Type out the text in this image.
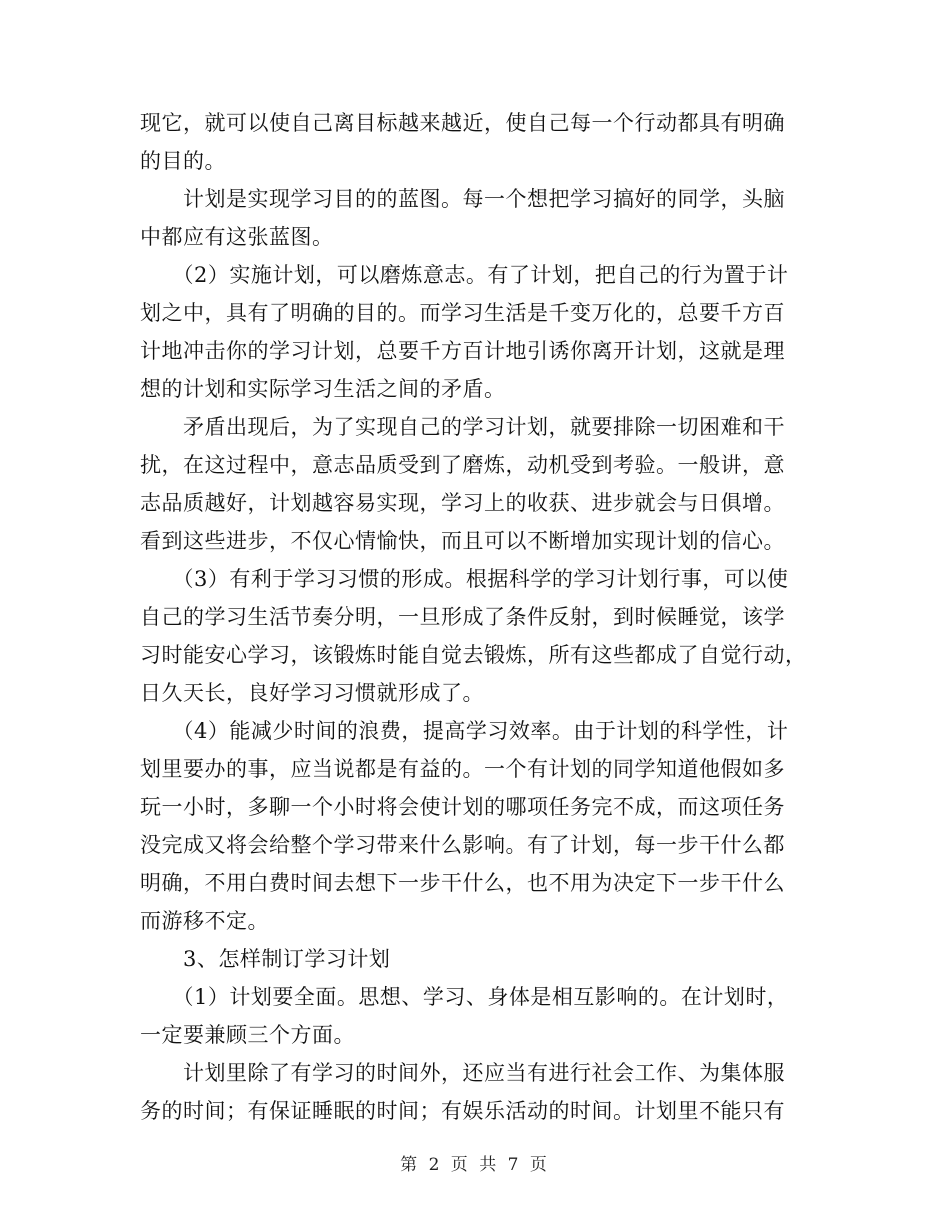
现它，就可以使自己离目标越来越近，使自己每一个行动都具有明确
的目的。
　　计划是实现学习目的的蓝图。每一个想把学习搞好的同学，头脑
中都应有这张蓝图。
　　（2）实施计划，可以磨炼意志。有了计划，把自己的行为置于计
划之中，具有了明确的目的。而学习生活是千变万化的，总要千方百
计地冲击你的学习计划，总要千方百计地引诱你离开计划，这就是理
想的计划和实际学习生活之间的矛盾。
　　矛盾出现后，为了实现自己的学习计划，就要排除一切困难和干
扰，在这过程中，意志品质受到了磨炼，动机受到考验。一般讲，意
志品质越好，计划越容易实现，学习上的收获、进步就会与日俱增。
看到这些进步，不仅心情愉快，而且可以不断增加实现计划的信心。
　　（3）有利于学习习惯的形成。根据科学的学习计划行事，可以使
自己的学习生活节奏分明，一旦形成了条件反射，到时候睡觉，该学
习时能安心学习，该锻炼时能自觉去锻炼，所有这些都成了自觉行动，
日久天长，良好学习习惯就形成了。
　　（4）能减少时间的浪费，提高学习效率。由于计划的科学性，计
划里要办的事，应当说都是有益的。一个有计划的同学知道他假如多
玩一小时，多聊一个小时将会使计划的哪项任务完不成，而这项任务
没完成又将会给整个学习带来什么影响。有了计划，每一步干什么都
明确，不用白费时间去想下一步干什么，也不用为决定下一步干什么
而游移不定。
　　3、怎样制订学习计划
　　（1）计划要全面。思想、学习、身体是相互影响的。在计划时，
一定要兼顾三个方面。
　　计划里除了有学习的时间外，还应当有进行社会工作、为集体服
务的时间；有保证睡眠的时间；有娱乐活动的时间。计划里不能只有
第 2 页 共 7 页
